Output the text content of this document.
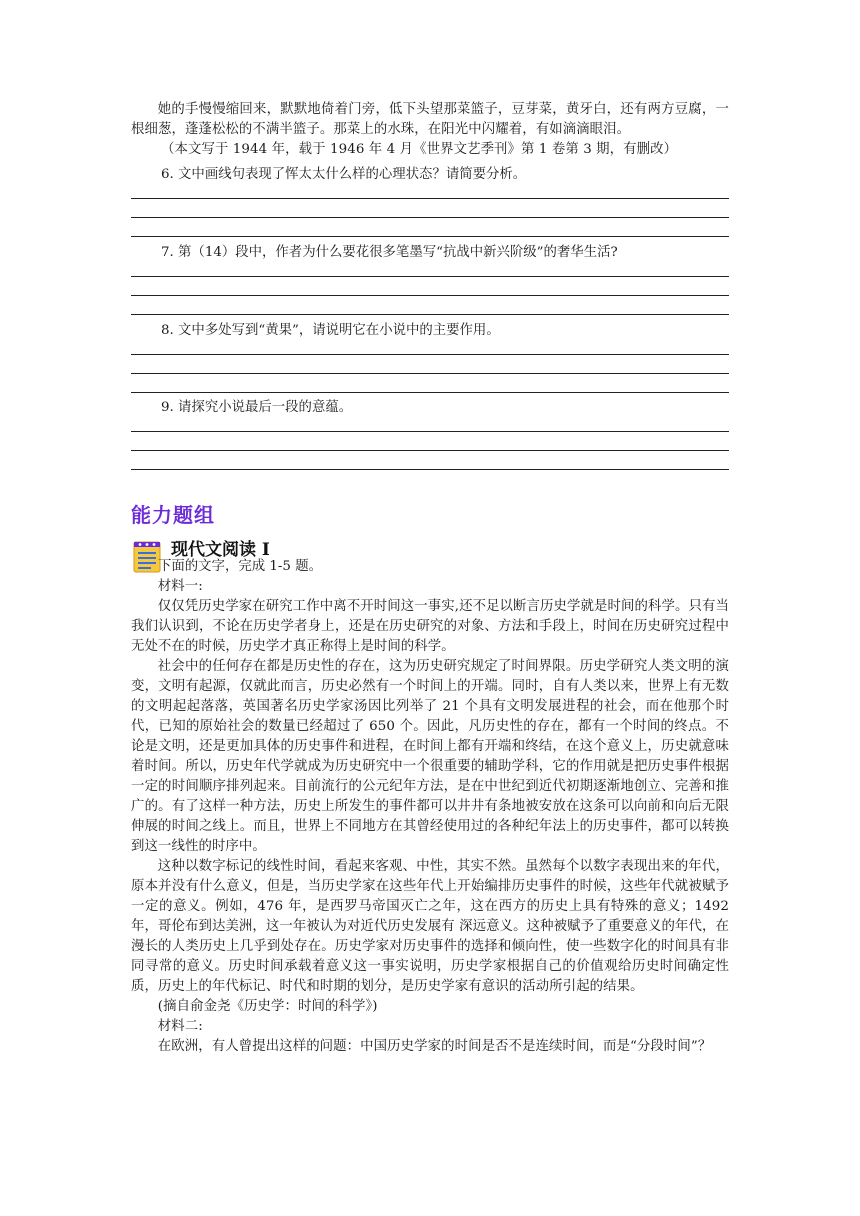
她的手慢慢缩回来，默默地倚着门旁，低下头望那菜篮子，豆芽菜，黄牙白，还有两方豆腐，一根细葱，蓬蓬松松的不满半篮子。那菜上的水珠，在阳光中闪耀着，有如滴滴眼泪。

（本文写于 1944 年，载于 1946 年 4 月《世界文艺季刊》第 1 卷第 3 期，有删改）

6. 文中画线句表现了恽太太什么样的心理状态？请简要分析。

7. 第（14）段中，作者为什么要花很多笔墨写“抗战中新兴阶级”的奢华生活?

8. 文中多处写到“黄果”，请说明它在小说中的主要作用。

9. 请探究小说最后一段的意蕴。

能力题组
现代文阅读 I
下面的文字，完成 1-5 题。

材料一:

仅仅凭历史学家在研究工作中离不开时间这一事实,还不足以断言历史学就是时间的科学。只有当我们认识到，不论在历史学者身上，还是在历史研究的对象、方法和手段上，时间在历史研究过程中无处不在的时候，历史学才真正称得上是时间的科学。

社会中的任何存在都是历史性的存在，这为历史研究规定了时间界限。历史学研究人类文明的演变，文明有起源，仅就此而言，历史必然有一个时间上的开端。同时，自有人类以来，世界上有无数的文明起起落落，英国著名历史学家汤因比列举了 21 个具有文明发展进程的社会，而在他那个时代，已知的原始社会的数量已经超过了 650 个。因此，凡历史性的存在，都有一个时间的终点。不论是文明，还是更加具体的历史事件和进程，在时间上都有开端和终结，在这个意义上，历史就意味着时间。所以，历史年代学就成为历史研究中一个很重要的辅助学科，它的作用就是把历史事件根据一定的时间顺序排列起来。目前流行的公元纪年方法，是在中世纪到近代初期逐渐地创立、完善和推广的。有了这样一种方法，历史上所发生的事件都可以井井有条地被安放在这条可以向前和向后无限伸展的时间之线上。而且，世界上不同地方在其曾经使用过的各种纪年法上的历史事件，都可以转换到这一线性的时序中。

这种以数字标记的线性时间，看起来客观、中性，其实不然。虽然每个以数字表现出来的年代，原本并没有什么意义，但是，当历史学家在这些年代上开始编排历史事件的时候，这些年代就被赋予一定的意义。例如，476 年，是西罗马帝国灭亡之年，这在西方的历史上具有特殊的意义；1492 年，哥伦布到达美洲，这一年被认为对近代历史发展有 深远意义。这种被赋予了重要意义的年代，在漫长的人类历史上几乎到处存在。历史学家对历史事件的选择和倾向性，使一些数字化的时间具有非同寻常的意义。历史时间承载着意义这一事实说明，历史学家根据自己的价值观给历史时间确定性质，历史上的年代标记、时代和时期的划分，是历史学家有意识的活动所引起的结果。

(摘自俞金尧《历史学：时间的科学》)

材料二:

在欧洲，有人曾提出这样的问题：中国历史学家的时间是否不是连续时间，而是“分段时间”？
